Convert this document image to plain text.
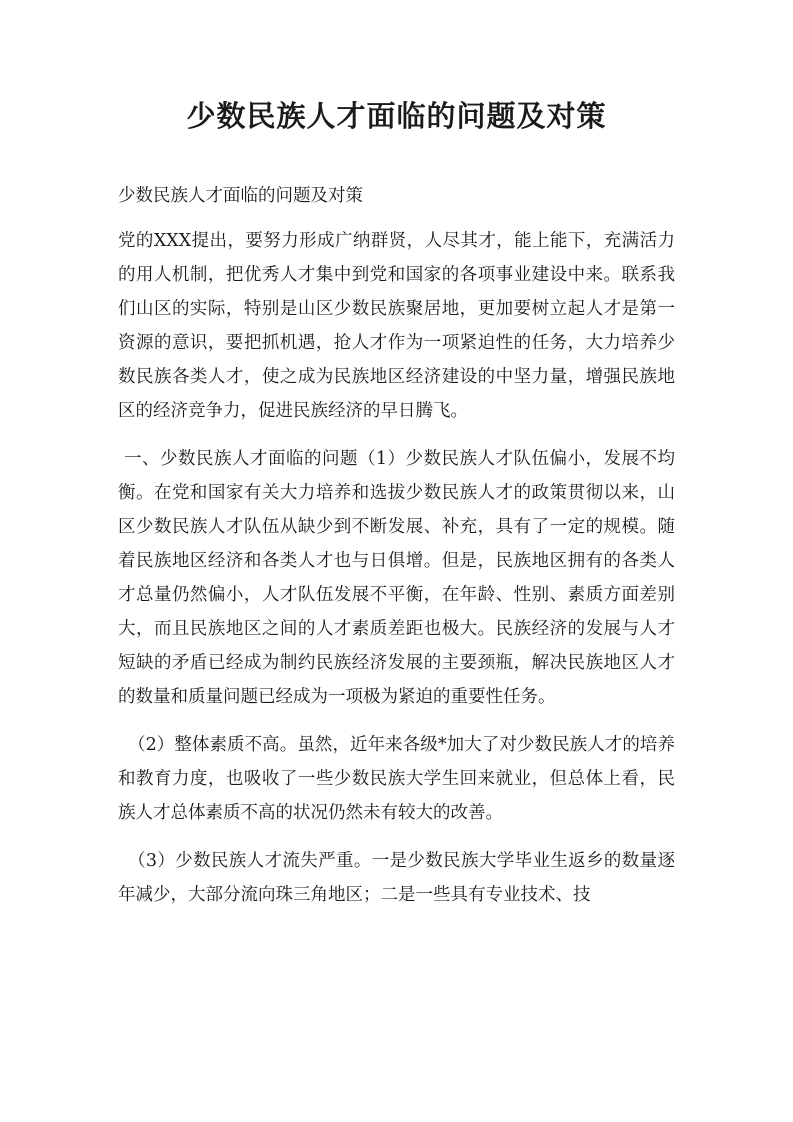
少数民族人才面临的问题及对策

少数民族人才面临的问题及对策

党的XXX提出，要努力形成广纳群贤，人尽其才，能上能下，充满活力的用人机制，把优秀人才集中到党和国家的各项事业建设中来。联系我们山区的实际，特别是山区少数民族聚居地，更加要树立起人才是第一资源的意识，要把抓机遇，抢人才作为一项紧迫性的任务，大力培养少数民族各类人才，使之成为民族地区经济建设的中坚力量，增强民族地区的经济竞争力，促进民族经济的早日腾飞。

一、少数民族人才面临的问题（1）少数民族人才队伍偏小，发展不均衡。在党和国家有关大力培养和选拔少数民族人才的政策贯彻以来，山区少数民族人才队伍从缺少到不断发展、补充，具有了一定的规模。随着民族地区经济和各类人才也与日俱增。但是，民族地区拥有的各类人才总量仍然偏小，人才队伍发展不平衡，在年龄、性别、素质方面差别大，而且民族地区之间的人才素质差距也极大。民族经济的发展与人才短缺的矛盾已经成为制约民族经济发展的主要颈瓶，解决民族地区人才的数量和质量问题已经成为一项极为紧迫的重要性任务。

（2）整体素质不高。虽然，近年来各级*加大了对少数民族人才的培养和教育力度，也吸收了一些少数民族大学生回来就业，但总体上看，民族人才总体素质不高的状况仍然未有较大的改善。

（3）少数民族人才流失严重。一是少数民族大学毕业生返乡的数量逐年减少，大部分流向珠三角地区；二是一些具有专业技术、技
